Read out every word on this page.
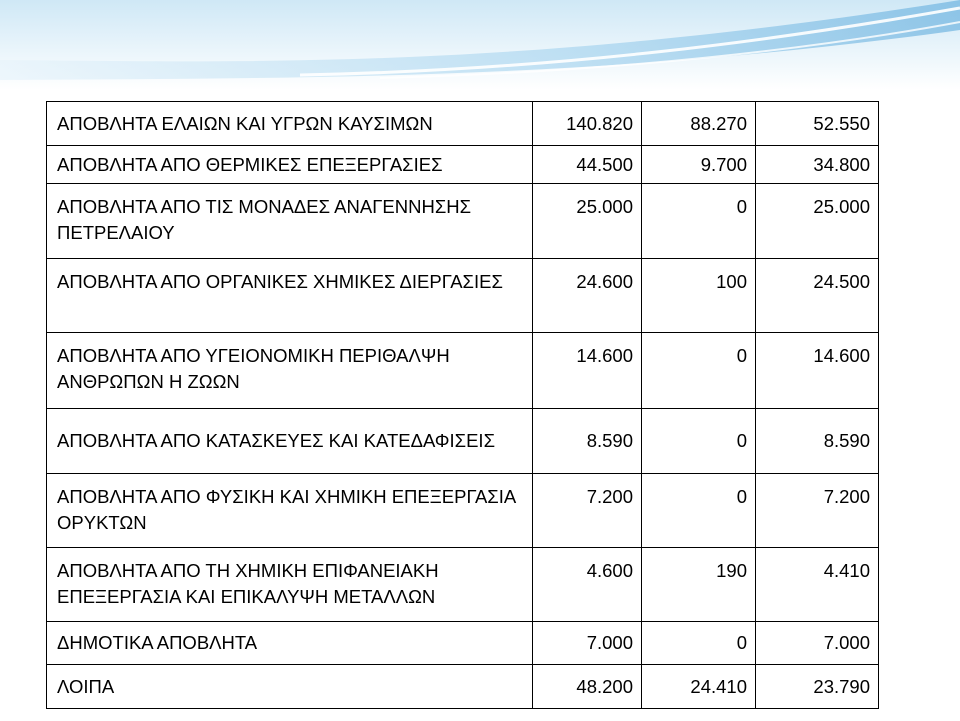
ΑΠΟΒΛΗΤΑ ΕΛΑΙΩΝ ΚΑΙ ΥΓΡΩΝ ΚΑΥΣΙΜΩΝ	140.820	88.270	52.550
ΑΠΟΒΛΗΤΑ ΑΠΟ ΘΕΡΜΙΚΕΣ ΕΠΕΞΕΡΓΑΣΙΕΣ	44.500	9.700	34.800
ΑΠΟΒΛΗΤΑ ΑΠΟ ΤΙΣ ΜΟΝΑΔΕΣ ΑΝΑΓΕΝΝΗΣΗΣ ΠΕΤΡΕΛΑΙΟΥ	25.000	0	25.000
ΑΠΟΒΛΗΤΑ ΑΠΟ ΟΡΓΑΝΙΚΕΣ ΧΗΜΙΚΕΣ ΔΙΕΡΓΑΣΙΕΣ	24.600	100	24.500
ΑΠΟΒΛΗΤΑ ΑΠΟ ΥΓΕΙΟΝΟΜΙΚΗ ΠΕΡΙΘΑΛΨΗ ΑΝΘΡΩΠΩΝ Η ΖΩΩΝ	14.600	0	14.600
ΑΠΟΒΛΗΤΑ ΑΠΟ ΚΑΤΑΣΚΕΥΕΣ ΚΑΙ ΚΑΤΕΔΑΦΙΣΕΙΣ	8.590	0	8.590
ΑΠΟΒΛΗΤΑ ΑΠΟ ΦΥΣΙΚΗ ΚΑΙ ΧΗΜΙΚΗ ΕΠΕΞΕΡΓΑΣΙΑ ΟΡΥΚΤΩΝ	7.200	0	7.200
ΑΠΟΒΛΗΤΑ ΑΠΟ ΤΗ ΧΗΜΙΚΗ ΕΠΙΦΑΝΕΙΑΚΗ ΕΠΕΞΕΡΓΑΣΙΑ ΚΑΙ ΕΠΙΚΑΛΥΨΗ ΜΕΤΑΛΛΩΝ	4.600	190	4.410
ΔΗΜΟΤΙΚΑ ΑΠΟΒΛΗΤΑ	7.000	0	7.000
ΛΟΙΠΑ	48.200	24.410	23.790
